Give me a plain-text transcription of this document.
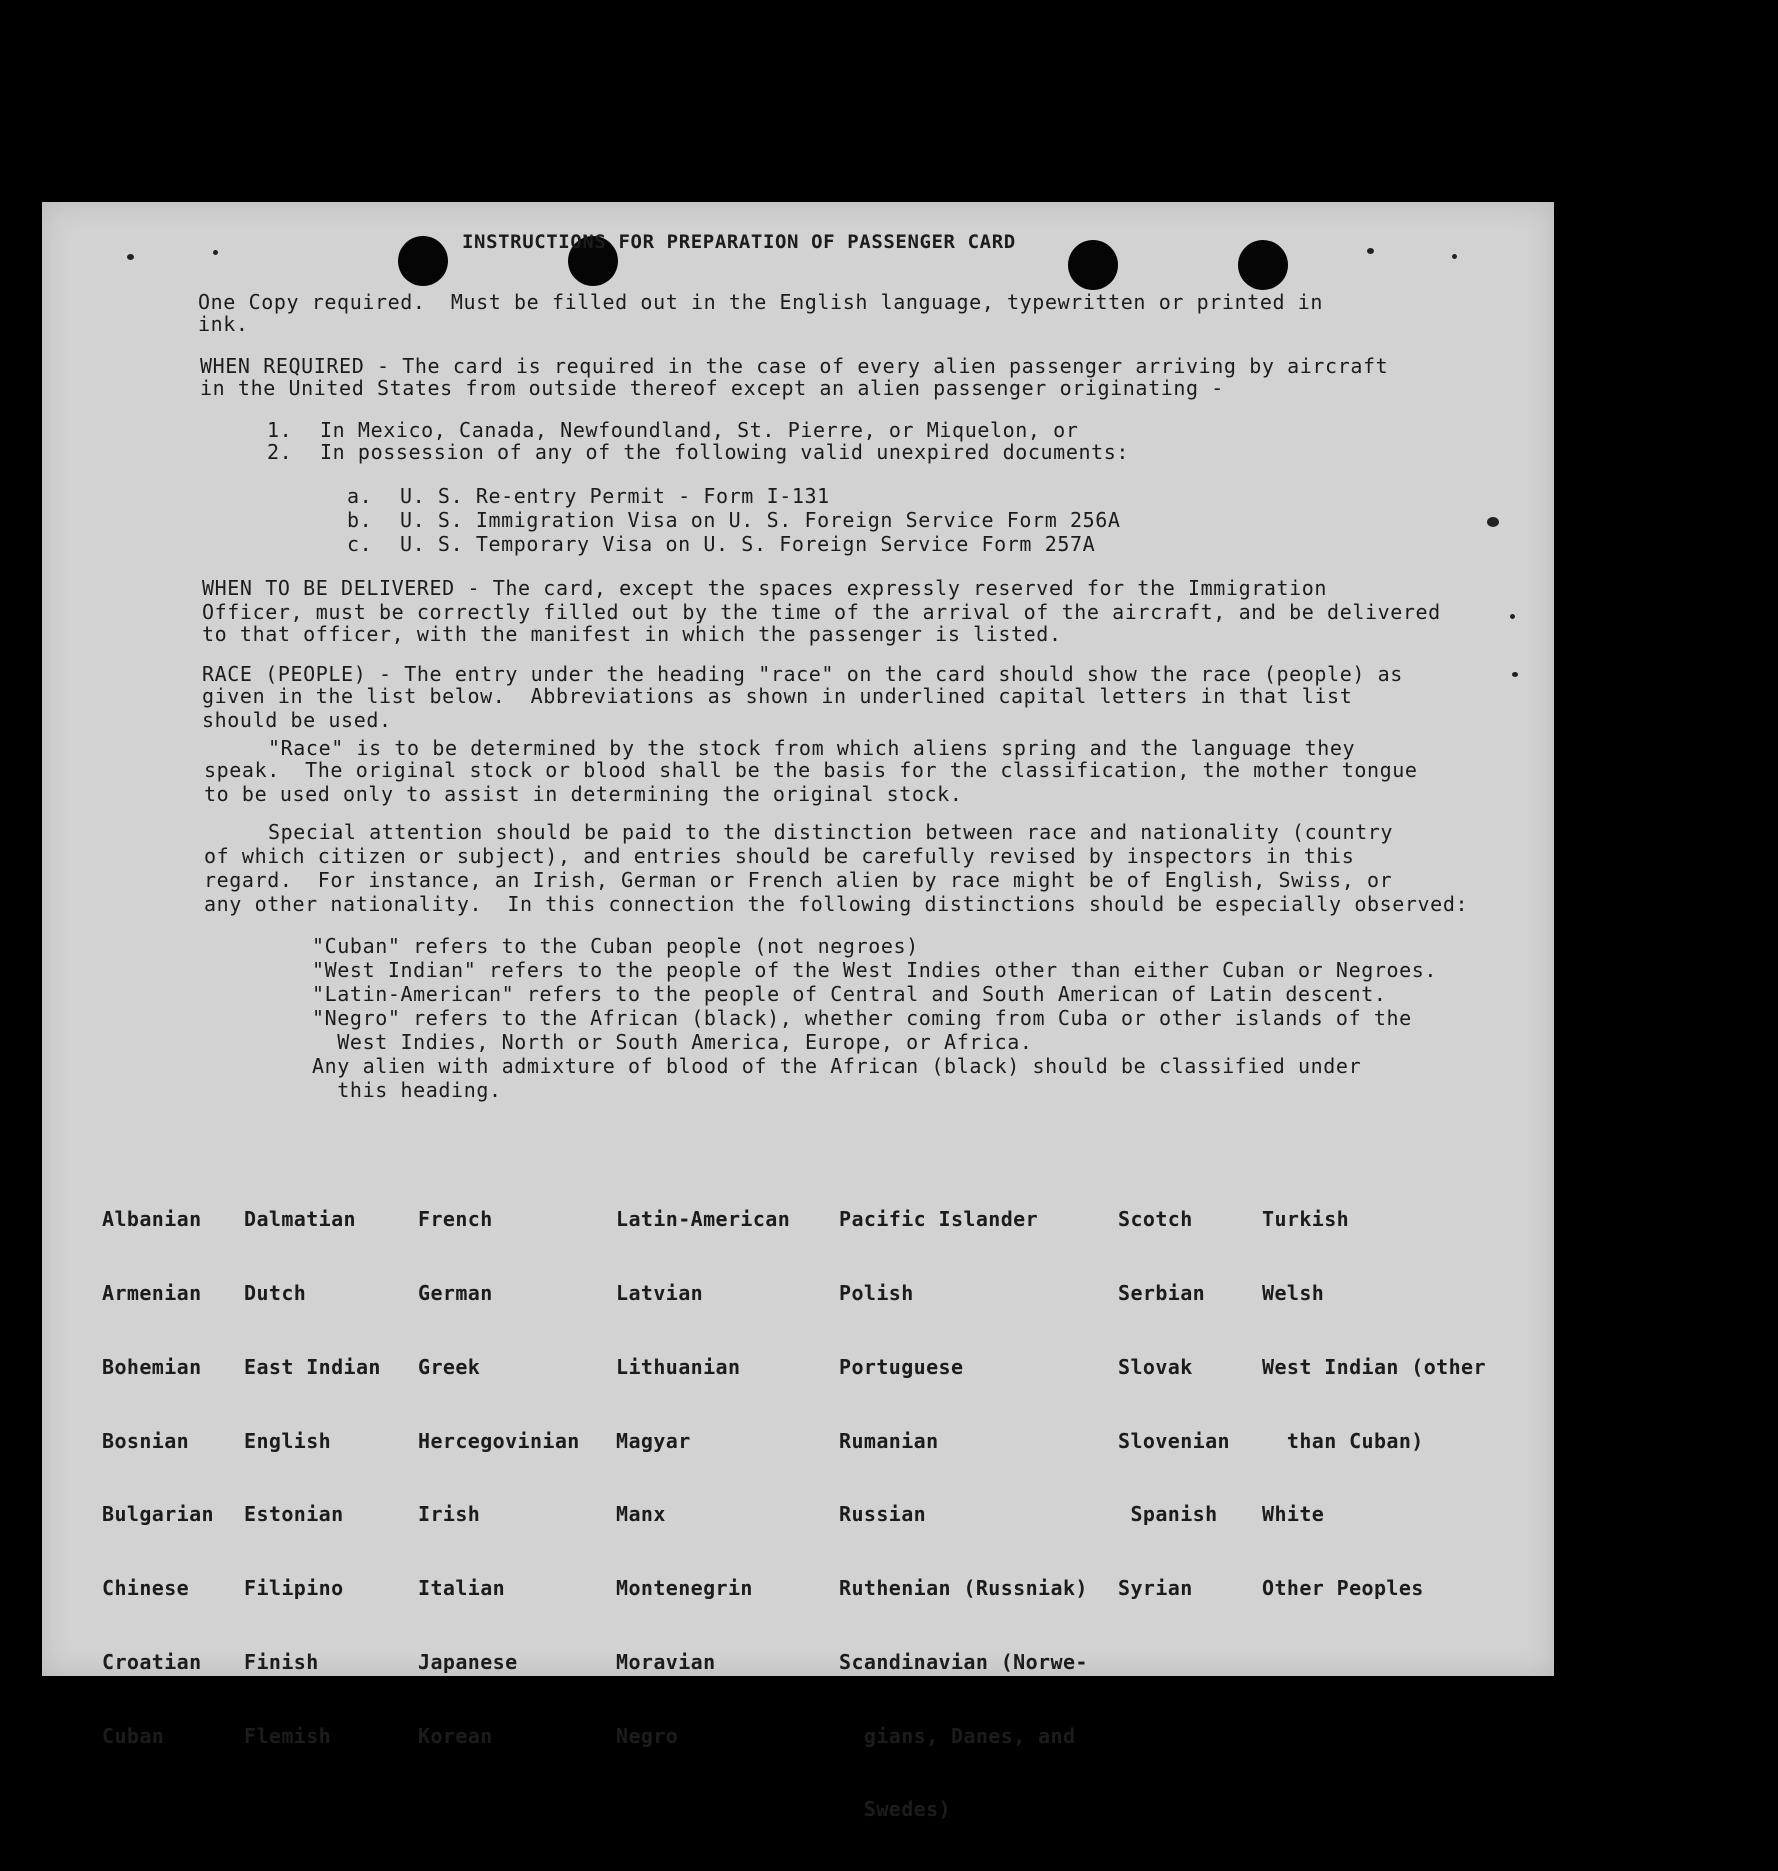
INSTRUCTIONS FOR PREPARATION OF PASSENGER CARD
One Copy required.  Must be filled out in the English language, typewritten or printed in
ink.
WHEN REQUIRED - The card is required in the case of every alien passenger arriving by aircraft
in the United States from outside thereof except an alien passenger originating -
1. In Mexico, Canada, Newfoundland, St. Pierre, or Miquelon, or
2. In possession of any of the following valid unexpired documents:
a. U. S. Re-entry Permit - Form I-131
b. U. S. Immigration Visa on U. S. Foreign Service Form 256A
c. U. S. Temporary Visa on U. S. Foreign Service Form 257A
WHEN TO BE DELIVERED - The card, except the spaces expressly reserved for the Immigration
Officer, must be correctly filled out by the time of the arrival of the aircraft, and be delivered
to that officer, with the manifest in which the passenger is listed.
RACE (PEOPLE) - The entry under the heading "race" on the card should show the race (people) as
given in the list below.  Abbreviations as shown in underlined capital letters in that list
should be used.
"Race" is to be determined by the stock from which aliens spring and the language they
speak.  The original stock or blood shall be the basis for the classification, the mother tongue
to be used only to assist in determining the original stock.
Special attention should be paid to the distinction between race and nationality (country
of which citizen or subject), and entries should be carefully revised by inspectors in this
regard.  For instance, an Irish, German or French alien by race might be of English, Swiss, or
any other nationality.  In this connection the following distinctions should be especially observed:
"Cuban" refers to the Cuban people (not negroes)
"West Indian" refers to the people of the West Indies other than either Cuban or Negroes.
"Latin-American" refers to the people of Central and South American of Latin descent.
"Negro" refers to the African (black), whether coming from Cuba or other islands of the
West Indies, North or South America, Europe, or Africa.
Any alien with admixture of blood of the African (black) should be classified under
this heading.

Albanian

Armenian

Bohemian

Bosnian

Bulgarian

Chinese

Croatian

Cuban

Dalmatian

Dutch

East Indian

English

Estonian

Filipino

Finish

Flemish

French

German

Greek

Hercegovinian

Irish

Italian

Japanese

Korean

Latin-American

Latvian

Lithuanian

Magyar

Manx

Montenegrin

Moravian

Negro

Pacific Islander

Polish

Portuguese

Rumanian

Russian

Ruthenian (Russniak)

Scandinavian (Norwe-

gians, Danes, and

Swedes)

Scotch

Serbian

Slovak

Slovenian

Spanish

Syrian

Turkish

Welsh

West Indian (other

than Cuban)

White

Other Peoples
